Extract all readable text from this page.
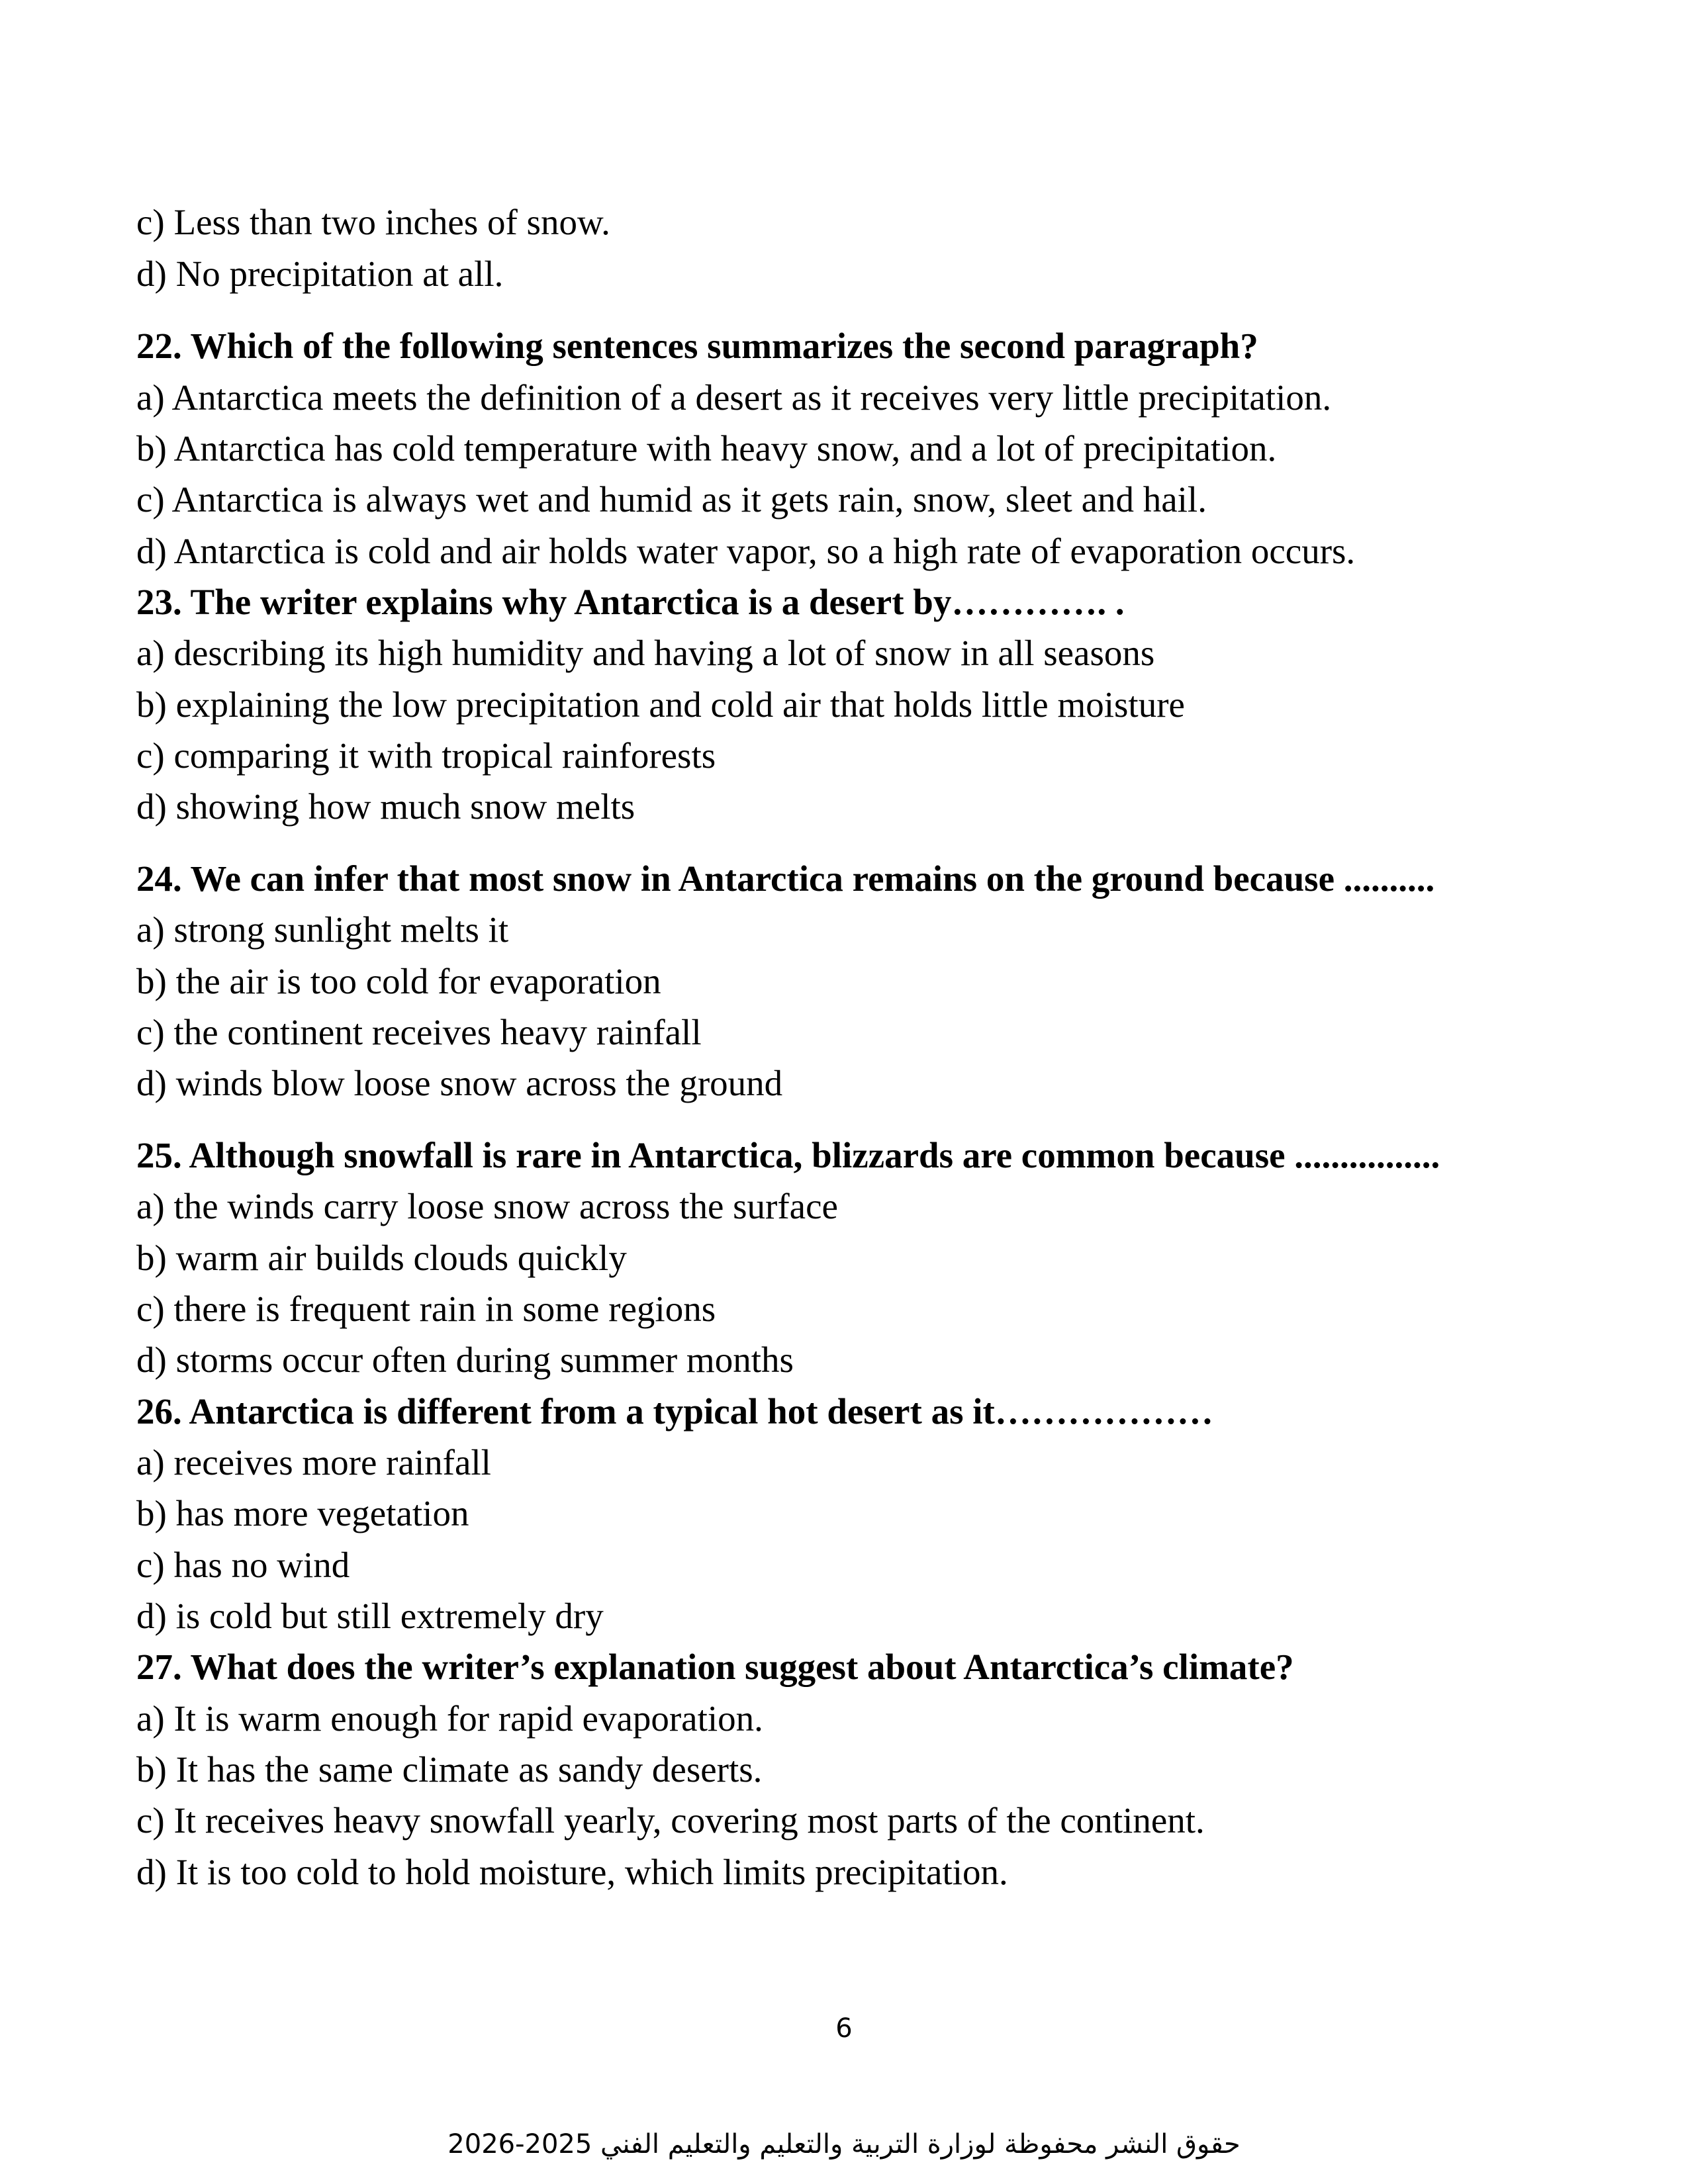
c) Less than two inches of snow.

d) No precipitation at all.

22. Which of the following sentences summarizes the second paragraph?

a) Antarctica meets the definition of a desert as it receives very little precipitation.

b) Antarctica has cold temperature with heavy snow, and a lot of precipitation.

c) Antarctica is always wet and humid as it gets rain, snow, sleet and hail.

d) Antarctica is cold and air holds water vapor, so a high rate of evaporation occurs.

23. The writer explains why Antarctica is a desert by…………. .

a) describing its high humidity and having a lot of snow in all seasons

b) explaining the low precipitation and cold air that holds little moisture

c) comparing it with tropical rainforests

d) showing how much snow melts

24. We can infer that most snow in Antarctica remains on the ground because ..........

a) strong sunlight melts it

b) the air is too cold for evaporation

c) the continent receives heavy rainfall

d) winds blow loose snow across the ground

25. Although snowfall is rare in Antarctica, blizzards are common because ................

a) the winds carry loose snow across the surface

b) warm air builds clouds quickly

c) there is frequent rain in some regions

d) storms occur often during summer months

26. Antarctica is different from a typical hot desert as it………………

a) receives more rainfall

b) has more vegetation

c) has no wind

d) is cold but still extremely dry

27. What does the writer’s explanation suggest about Antarctica’s climate?

a) It is warm enough for rapid evaporation.

b) It has the same climate as sandy deserts.

c) It receives heavy snowfall yearly, covering most parts of the continent.

d) It is too cold to hold moisture, which limits precipitation.

6
حقوق النشر محفوظة لوزارة التربية والتعليم والتعليم الفني 2025-2026
